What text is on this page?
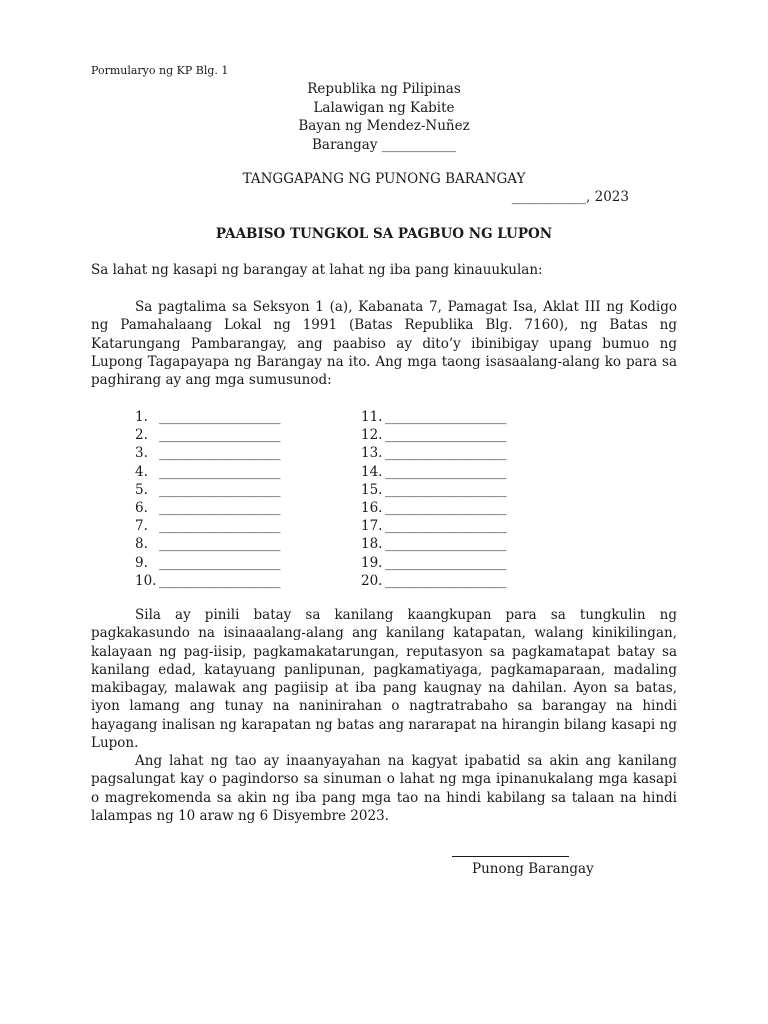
Pormularyo ng KP Blg. 1
Republika ng Pilipinas
Lalawigan ng Kabite
Bayan ng Mendez-Nuñez
Barangay ___________
TANGGAPANG NG PUNONG BARANGAY
___________, 2023
PAABISO TUNGKOL SA PAGBUO NG LUPON
Sa lahat ng kasapi ng barangay at lahat ng iba pang kinauukulan:

Sa pagtalima sa Seksyon 1 (a), Kabanata 7, Pamagat Isa, Aklat III ng Kodigo ng Pamahalaang Lokal ng 1991 (Batas Republika Blg. 7160), ng Batas ng Katarungang Pambarangay, ang paabiso ay dito’y ibinibigay upang bumuo ng Lupong Tagapayapa ng Barangay na ito. Ang mga taong isasaalang-alang ko para sa paghirang ay ang mga sumusunod:

1. __________________
2. __________________
3. __________________
4. __________________
5. __________________
6. __________________
7. __________________
8. __________________
9. __________________
10. __________________
11. __________________
12. __________________
13. __________________
14. __________________
15. __________________
16. __________________
17. __________________
18. __________________
19. __________________
20. __________________

Sila ay pinili batay sa kanilang kaangkupan para sa tungkulin ng pagkakasundo na isinaaalang-alang ang kanilang katapatan, walang kinikilingan, kalayaan ng pag-iisip, pagkamakatarungan, reputasyon sa pagkamatapat batay sa kanilang edad, katayuang panlipunan, pagkamatiyaga, pagkamaparaan, madaling makibagay, malawak ang pagiisip at iba pang kaugnay na dahilan. Ayon sa batas, iyon lamang ang tunay na naninirahan o nagtratrabaho sa barangay na hindi hayagang inalisan ng karapatan ng batas ang nararapat na hirangin bilang kasapi ng Lupon.

Ang lahat ng tao ay inaanyayahan na kagyat ipabatid sa akin ang kanilang pagsalungat kay o pagindorso sa sinuman o lahat ng mga ipinanukalang mga kasapi o magrekomenda sa akin ng iba pang mga tao na hindi kabilang sa talaan na hindi lalampas ng 10 araw ng 6 Disyembre 2023.

Punong Barangay
